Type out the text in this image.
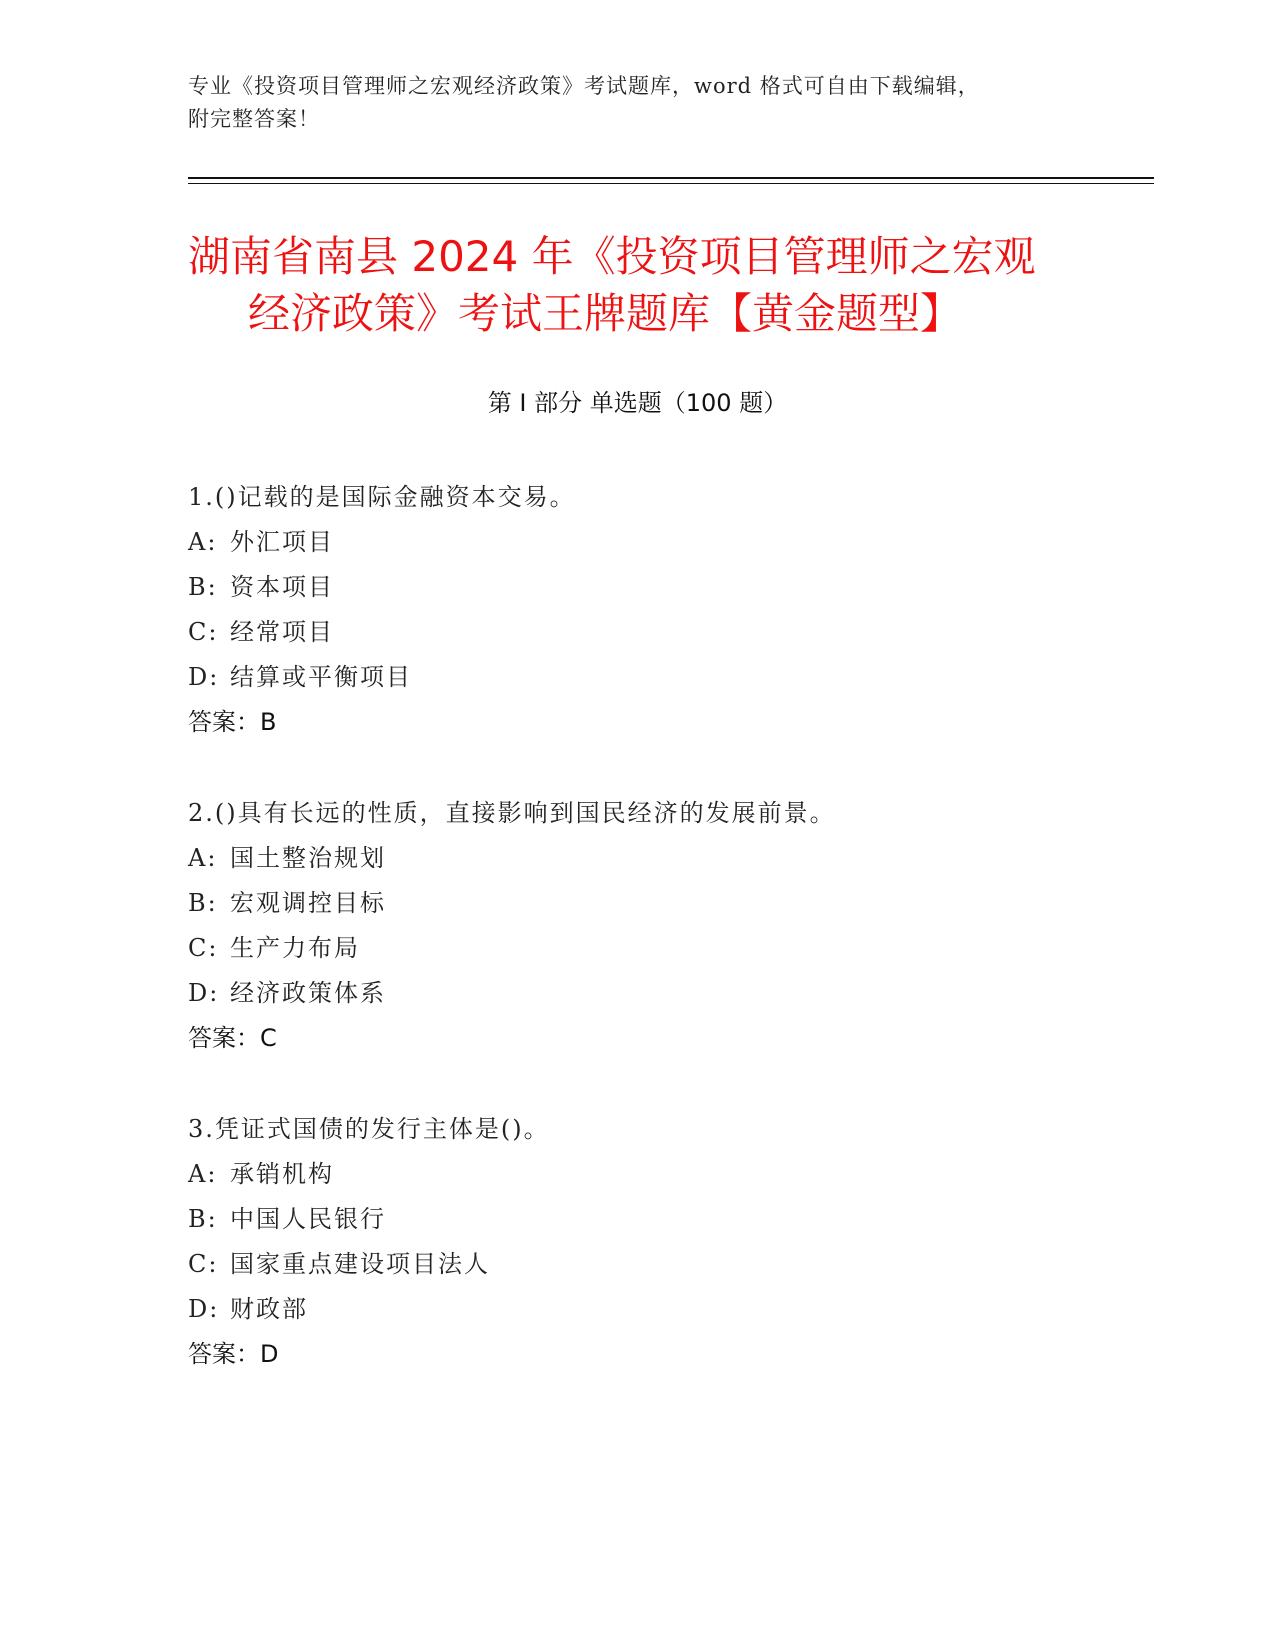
专业《投资项目管理师之宏观经济政策》考试题库，word 格式可自由下载编辑，
附完整答案！
湖南省南县 2024 年《投资项目管理师之宏观
经济政策》考试王牌题库【黄金题型】
第 I 部分 单选题（100 题）
1.()记载的是国际金融资本交易。
A: 外汇项目
B: 资本项目
C: 经常项目
D: 结算或平衡项目
答案：B
2.()具有长远的性质，直接影响到国民经济的发展前景。
A: 国土整治规划
B: 宏观调控目标
C: 生产力布局
D: 经济政策体系
答案：C
3.凭证式国债的发行主体是()。
A: 承销机构
B: 中国人民银行
C: 国家重点建设项目法人
D: 财政部
答案：D
